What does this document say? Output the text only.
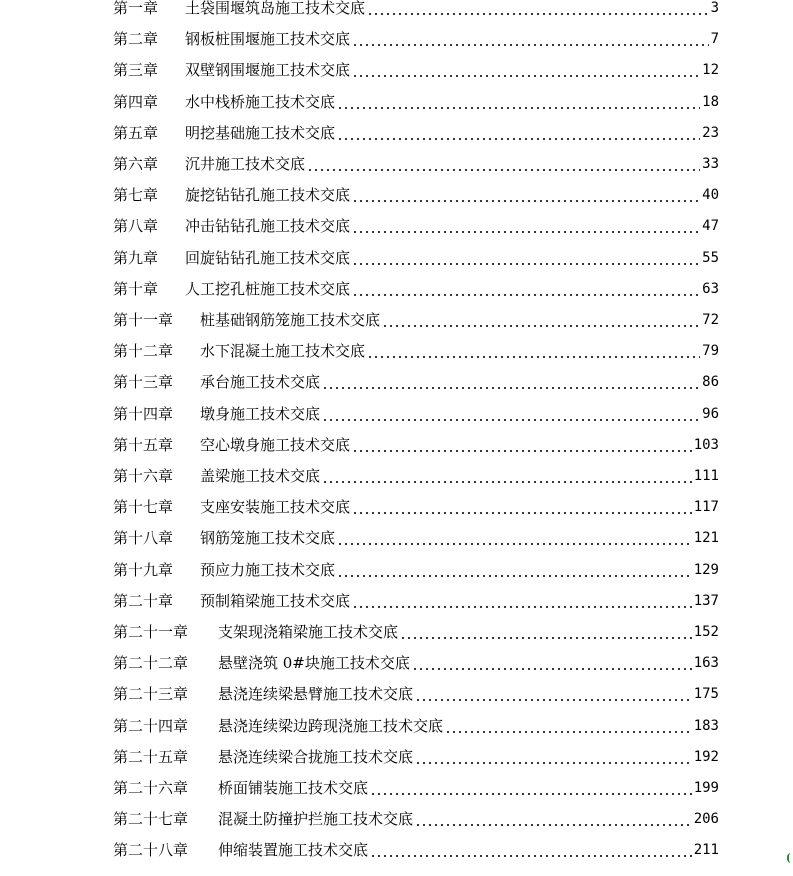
第一章	土袋围堰筑岛施工技术交底	3
第二章	钢板桩围堰施工技术交底	7
第三章	双壁钢围堰施工技术交底	12
第四章	水中栈桥施工技术交底	18
第五章	明挖基础施工技术交底	23
第六章	沉井施工技术交底	33
第七章	旋挖钻钻孔施工技术交底	40
第八章	冲击钻钻孔施工技术交底	47
第九章	回旋钻钻孔施工技术交底	55
第十章	人工挖孔桩施工技术交底	63
第十一章	桩基础钢筋笼施工技术交底	72
第十二章	水下混凝土施工技术交底	79
第十三章	承台施工技术交底	86
第十四章	墩身施工技术交底	96
第十五章	空心墩身施工技术交底	103
第十六章	盖梁施工技术交底	111
第十七章	支座安装施工技术交底	117
第十八章	钢筋笼施工技术交底	121
第十九章	预应力施工技术交底	129
第二十章	预制箱梁施工技术交底	137
第二十一章	支架现浇箱梁施工技术交底	152
第二十二章	悬壁浇筑 0#块施工技术交底	163
第二十三章	悬浇连续梁悬臂施工技术交底	175
第二十四章	悬浇连续梁边跨现浇施工技术交底	183
第二十五章	悬浇连续梁合拢施工技术交底	192
第二十六章	桥面铺装施工技术交底	199
第二十七章	混凝土防撞护拦施工技术交底	206
第二十八章	伸缩装置施工技术交底	211
